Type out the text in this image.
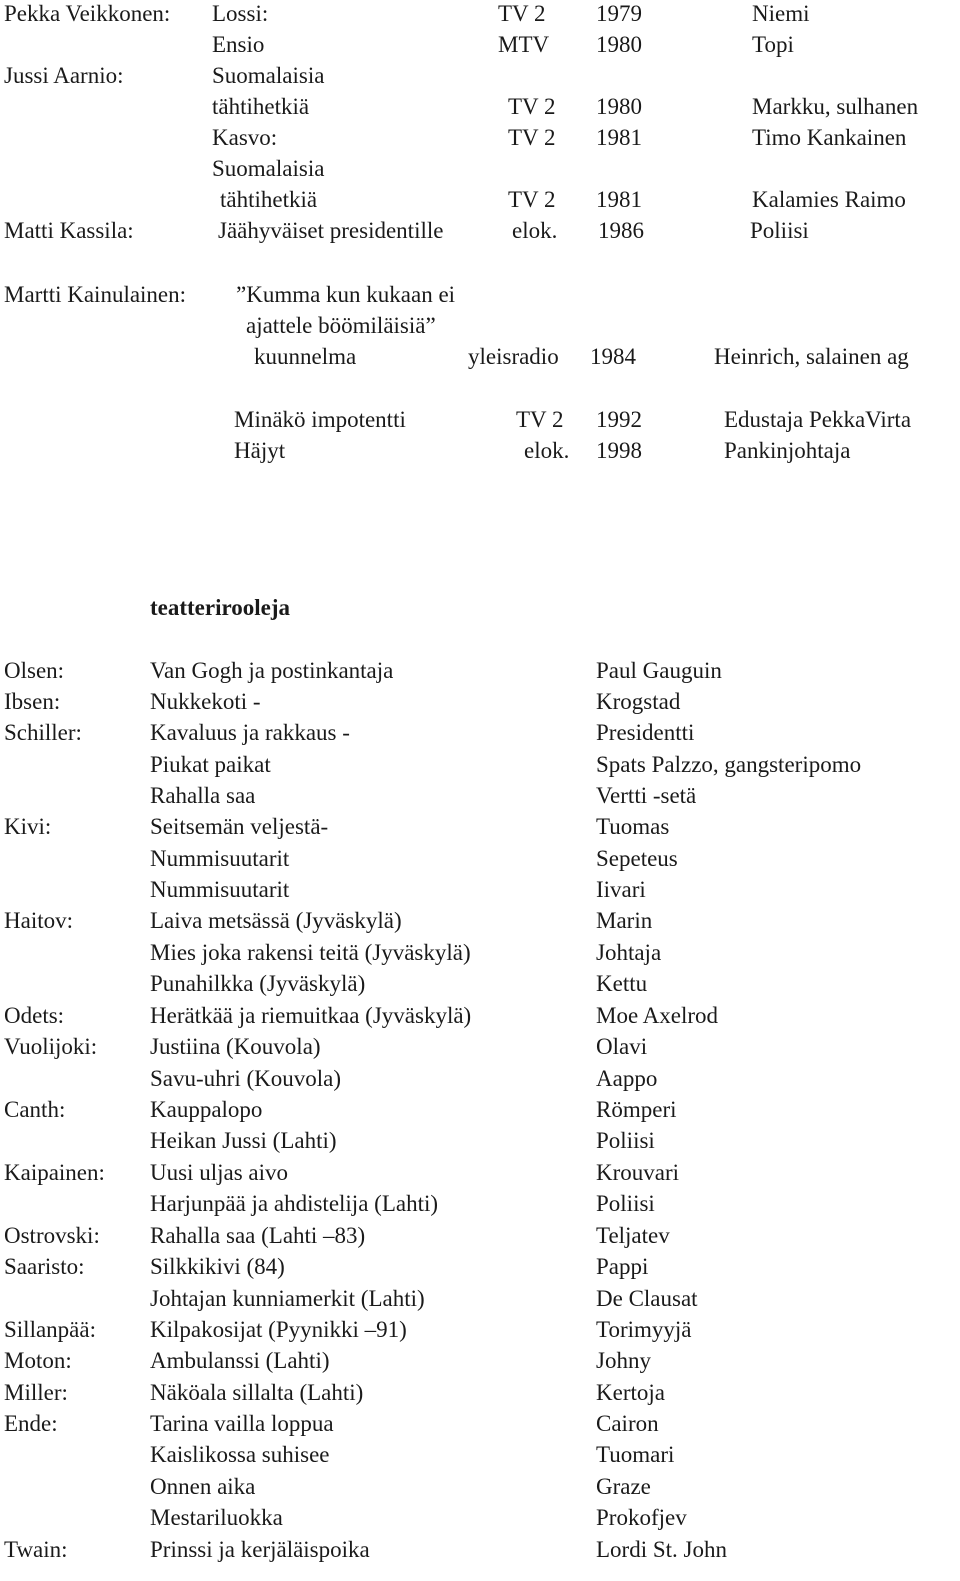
Pekka Veikkonen: Lossi:	TV 2 1979	Niemi
Ensio	MTV 1980	Topi
Jussi Aarnio:	Suomalaisia
tähtihetkiä	TV 2 1980	Markku, sulhanen
Kasvo:	TV 2 1981	Timo Kankainen
Suomalaisia
tähtihetkiä	TV 2 1981	Kalamies Raimo
Matti Kassila:	Jäähyväiset presidentille	elok. 1986	Poliisi
Martti Kainulainen: ”Kumma kun kukaan ei
ajattele böömiläisiä”
kuunnelma	yleisradio 1984	Heinrich, salainen ag
Minäkö impotentti	TV 2 1992	Edustaja PekkaVirta
Häjyt	elok. 1998	Pankinjohtaja
teatterirooleja
Olsen:	Van Gogh ja postinkantaja	Paul Gauguin
Ibsen:	Nukkekoti -	Krogstad
Schiller:	Kavaluus ja rakkaus -	Presidentti
Piukat paikat	Spats Palzzo, gangsteripomo
Rahalla saa	Vertti -setä
Kivi:	Seitsemän veljestä-	Tuomas
Nummisuutarit	Sepeteus
Nummisuutarit	Iivari
Haitov:	Laiva metsässä (Jyväskylä)	Marin
Mies joka rakensi teitä (Jyväskylä)	Johtaja
Punahilkka (Jyväskylä)	Kettu
Odets:	Herätkää ja riemuitkaa (Jyväskylä)	Moe Axelrod
Vuolijoki: Justiina (Kouvola)	Olavi
Savu-uhri (Kouvola)	Aappo
Canth:	Kauppalopo	Römperi
Heikan Jussi (Lahti)	Poliisi
Kaipainen: Uusi uljas aivo	Krouvari
Harjunpää ja ahdistelija (Lahti)	Poliisi
Ostrovski: Rahalla saa (Lahti –83)	Teljatev
Saaristo:	Silkkikivi (84)	Pappi
Johtajan kunniamerkit (Lahti)	De Clausat
Sillanpää: Kilpakosijat (Pyynikki –91)	Torimyyjä
Moton:	Ambulanssi (Lahti)	Johny
Miller:	Näköala sillalta (Lahti)	Kertoja
Ende:	Tarina vailla loppua	Cairon
Kaislikossa suhisee	Tuomari
Onnen aika	Graze
Mestariluokka	Prokofjev
Twain:	Prinssi ja kerjäläispoika	Lordi St. John
